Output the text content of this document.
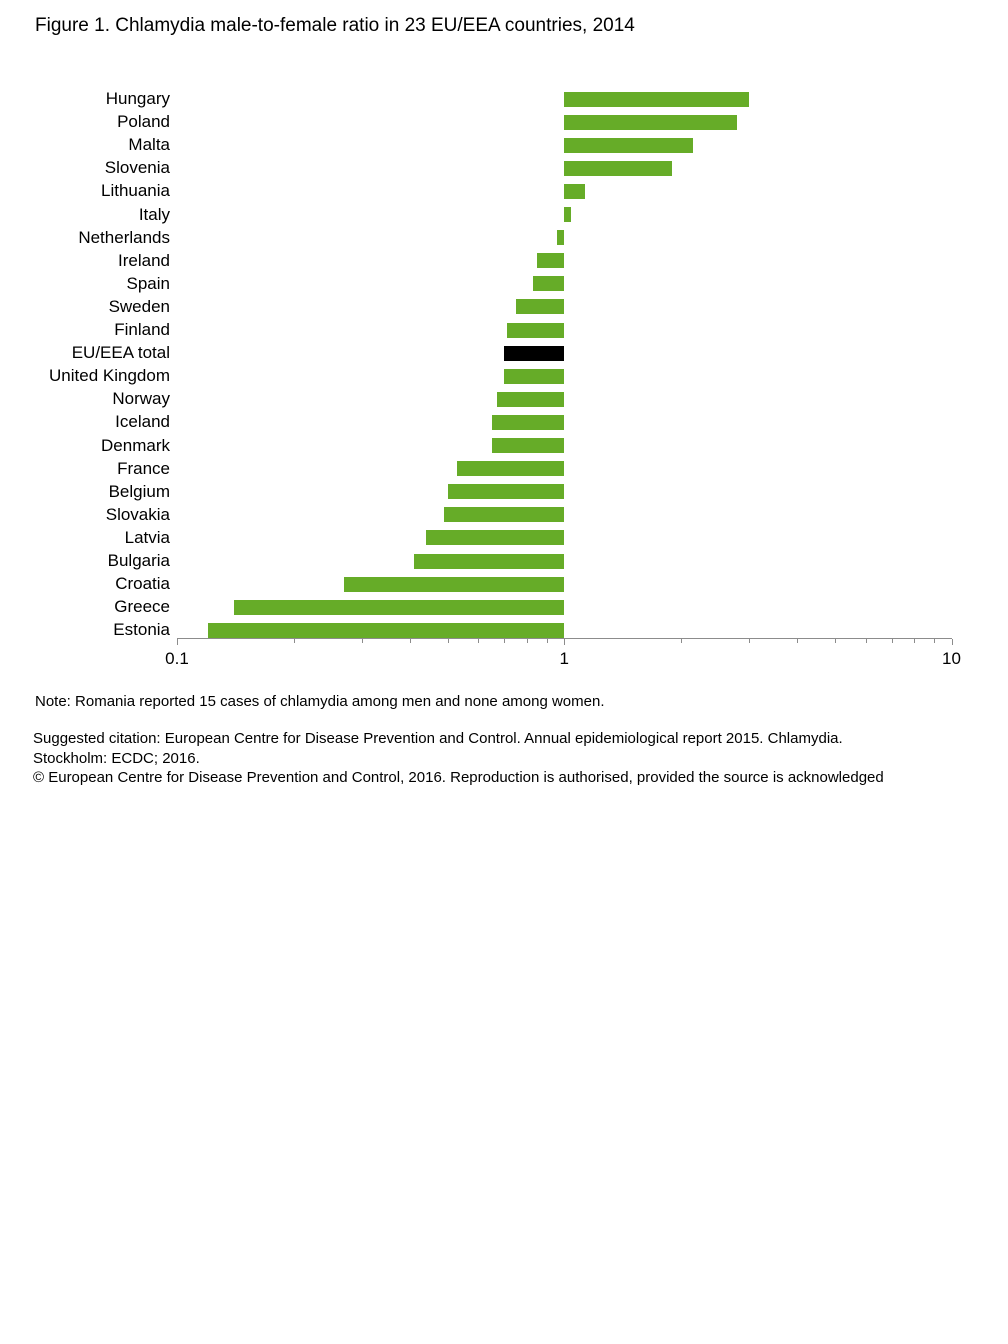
Figure 1. Chlamydia male-to-female ratio in 23 EU/EEA countries, 2014
Hungary
Poland
Malta
Slovenia
Lithuania
Italy
Netherlands
Ireland
Spain
Sweden
Finland
EU/EEA total
United Kingdom
Norway
Iceland
Denmark
France
Belgium
Slovakia
Latvia
Bulgaria
Croatia
Greece
Estonia
0.1	1	10
Note: Romania reported 15 cases of chlamydia among men and none among women.
Suggested citation: European Centre for Disease Prevention and Control. Annual epidemiological report 2015. Chlamydia.
Stockholm: ECDC; 2016.
© European Centre for Disease Prevention and Control, 2016. Reproduction is authorised, provided the source is acknowledged
